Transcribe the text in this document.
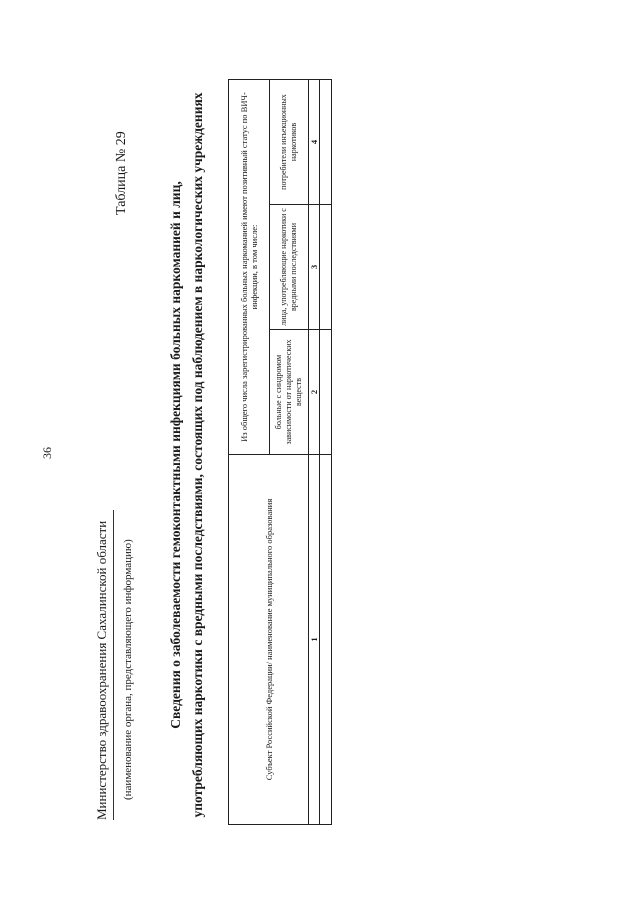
36
Таблица № 29
Министерство здравоохранения Сахалинской области	(наименование органа, представляющего информацию)	Сведения о заболеваемости гемоконтактными инфекциями больных наркоманией и лиц, употребляющих наркотики с вредными последствиями, состоящих под наблюдением в наркологических учреждениях	Субъект Российской Федерации/ наименование муниципального образования	Из общего числа зарегистрированных больных наркоманией имеют позитивный статус по ВИЧ-инфекции, в том числе:		
	больные с синдромом зависимости от наркотических веществ	лица, употребляющие наркотики с вредными последствиями	потребители инъекционных наркотиков
1	2	3	4
